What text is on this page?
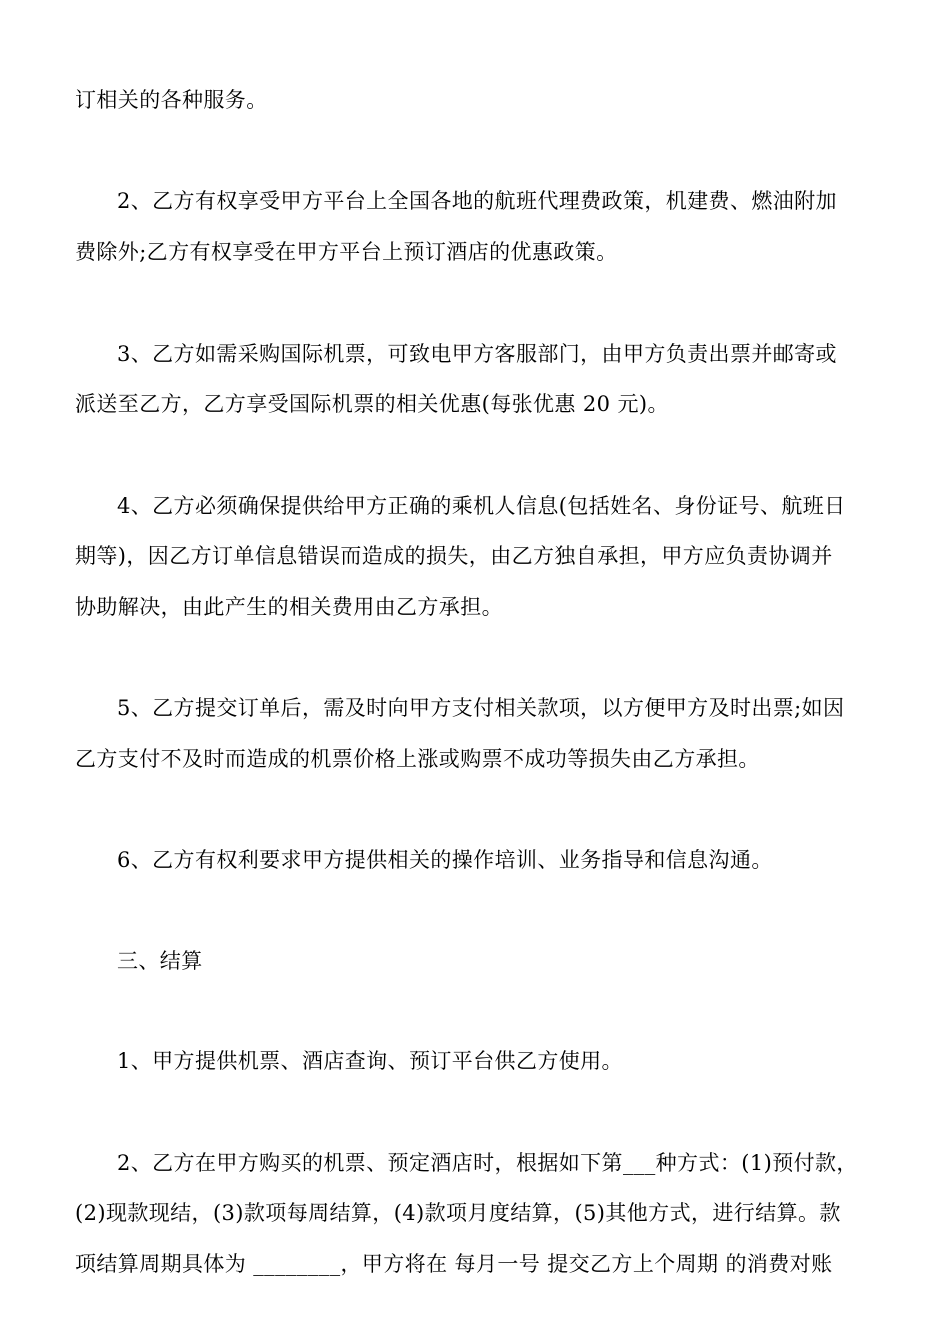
订相关的各种服务。
2、乙方有权享受甲方平台上全国各地的航班代理费政策，机建费、燃油附加
费除外;乙方有权享受在甲方平台上预订酒店的优惠政策。
3、乙方如需采购国际机票，可致电甲方客服部门，由甲方负责出票并邮寄或
派送至乙方，乙方享受国际机票的相关优惠(每张优惠 20 元)。
4、乙方必须确保提供给甲方正确的乘机人信息(包括姓名、身份证号、航班日
期等)，因乙方订单信息错误而造成的损失，由乙方独自承担，甲方应负责协调并
协助解决，由此产生的相关费用由乙方承担。
5、乙方提交订单后，需及时向甲方支付相关款项，以方便甲方及时出票;如因
乙方支付不及时而造成的机票价格上涨或购票不成功等损失由乙方承担。
6、乙方有权利要求甲方提供相关的操作培训、业务指导和信息沟通。
三、结算
1、甲方提供机票、酒店查询、预订平台供乙方使用。
2、乙方在甲方购买的机票、预定酒店时，根据如下第___种方式：(1)预付款，
(2)现款现结，(3)款项每周结算，(4)款项月度结算，(5)其他方式，进行结算。款
项结算周期具体为 ________，甲方将在 每月一号 提交乙方上个周期 的消费对账
